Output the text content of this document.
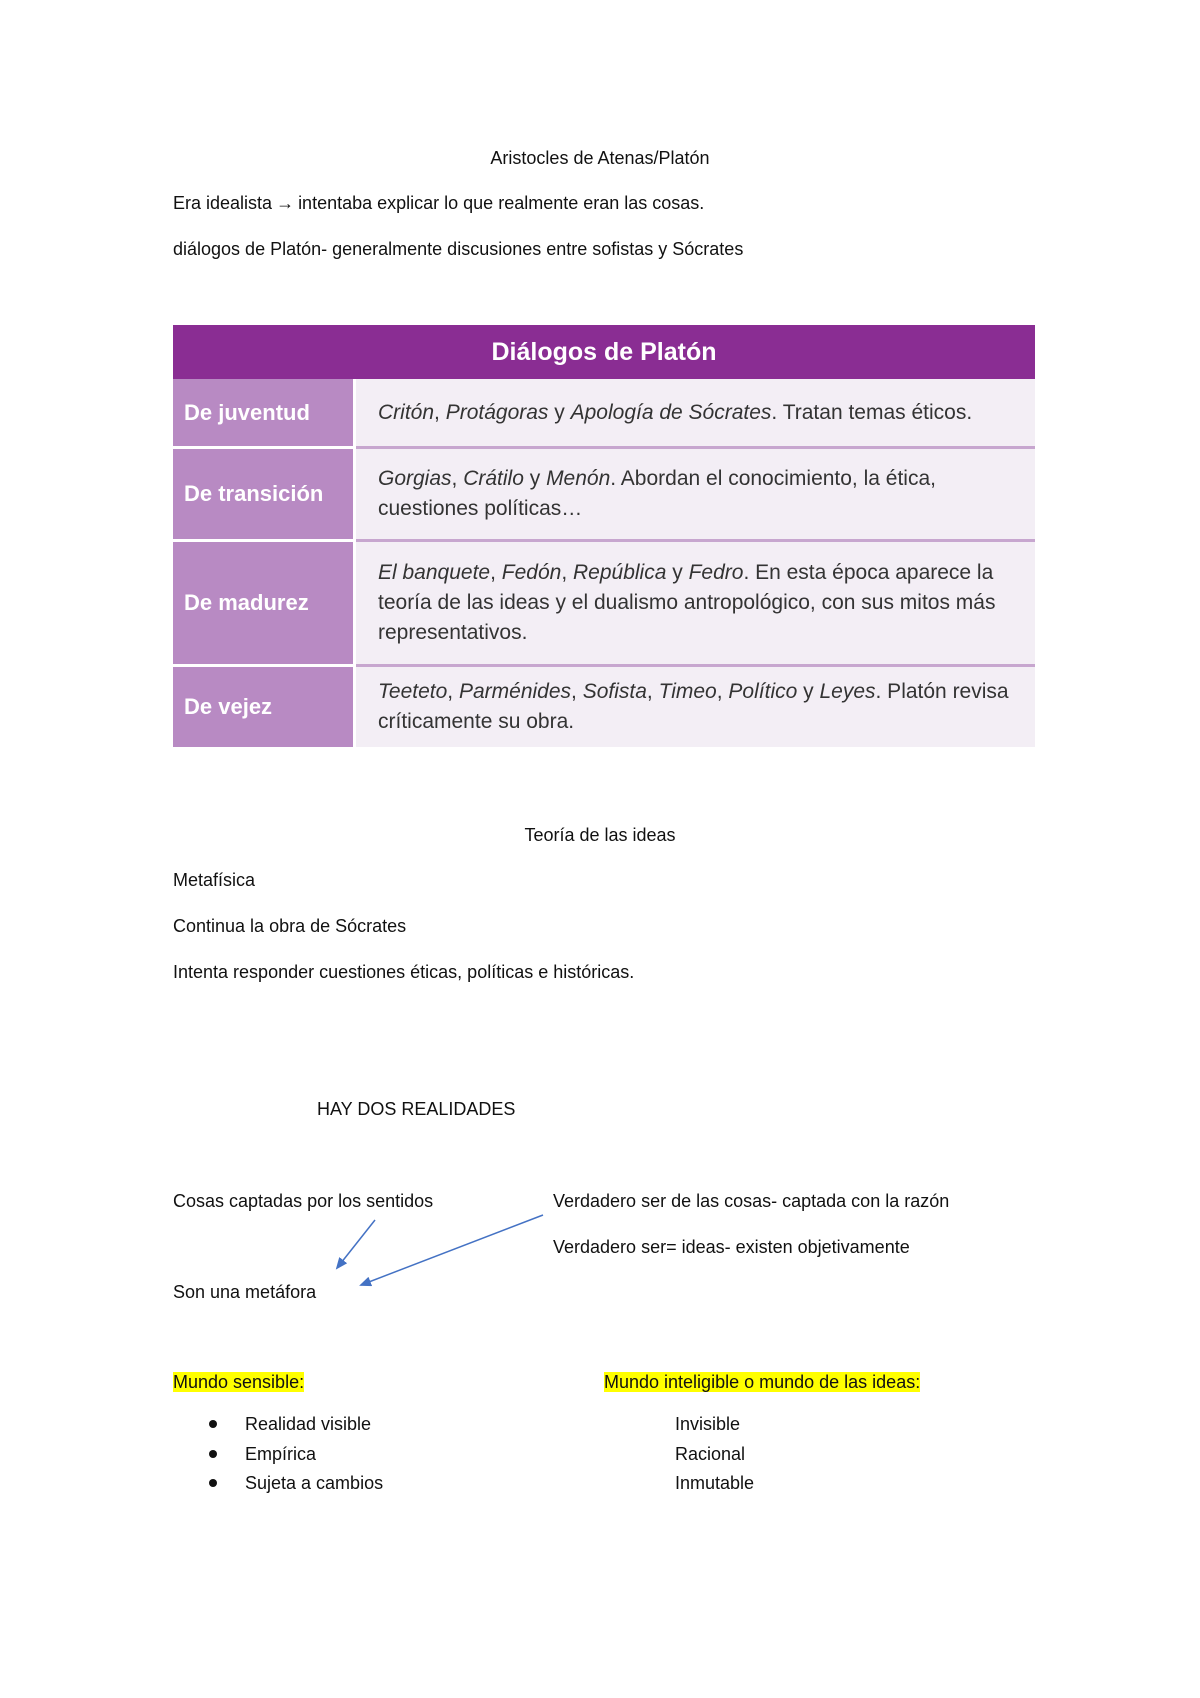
Aristocles de Atenas/Platón
Era idealista → intentaba explicar lo que realmente eran las cosas.
diálogos de Platón- generalmente discusiones entre sofistas y Sócrates
Diálogos de Platón	
De juventud	Critón, Protágoras y Apología de Sócrates. Tratan temas éticos.
De transición	Gorgias, Crátilo y Menón. Abordan el conocimiento, la ética, cuestiones políticas…
De madurez	El banquete, Fedón, República y Fedro. En esta época aparece la teoría de las ideas y el dualismo antropológico, con sus mitos más representativos.
De vejez	Teeteto, Parménides, Sofista, Timeo, Político y Leyes. Platón revisa críticamente su obra.
Teoría de las ideas
Metafísica
Continua la obra de Sócrates
Intenta responder cuestiones éticas, políticas e históricas.
HAY DOS REALIDADES
Cosas captadas por los sentidos	Verdadero ser de las cosas- captada con la razón
Verdadero ser= ideas- existen objetivamente
Son una metáfora
Mundo sensible:	Mundo inteligible o mundo de las ideas:
Realidad visible
Empírica
Sujeta a cambios
Invisible
Racional
Inmutable
